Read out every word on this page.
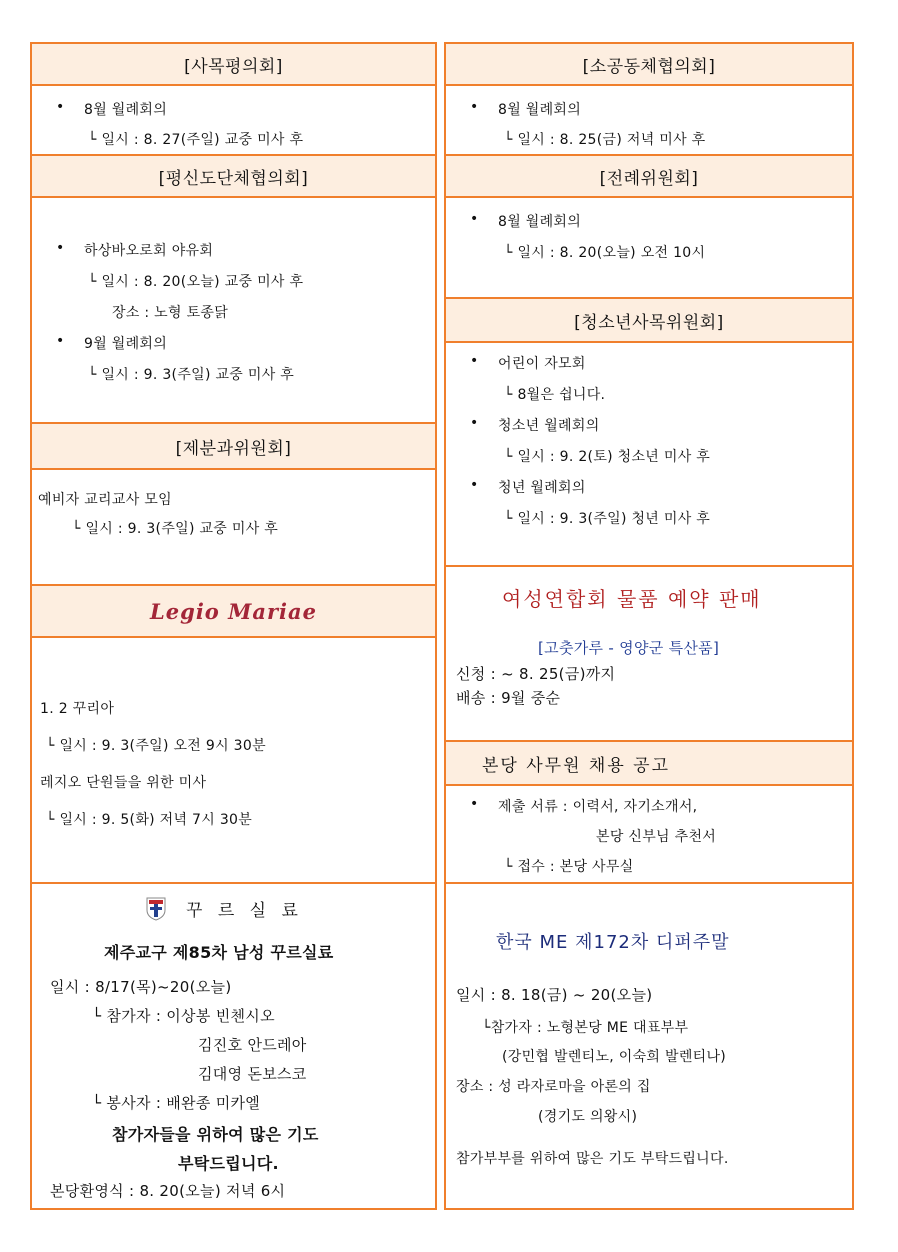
[사목평의회]
• 8월 월례회의
└ 일시 : 8. 27(주일) 교중 미사 후
[평신도단체협의회]
• 하상바오로회 야유회
└ 일시 : 8. 20(오늘) 교중 미사 후
장소 : 노형 토종닭
• 9월 월례회의
└ 일시 : 9. 3(주일) 교중 미사 후
[제분과위원회]
예비자 교리교사 모임
└ 일시 : 9. 3(주일) 교중 미사 후
Legio Mariae
1. 2 꾸리아
└ 일시 : 9. 3(주일) 오전 9시 30분
레지오 단원들을 위한 미사
└ 일시 : 9. 5(화) 저녁 7시 30분
꾸 르 실 료
제주교구 제85차 남성 꾸르실료
일시 : 8/17(목)~20(오늘)
└ 참가자 : 이상봉 빈첸시오
김진호 안드레아
김대영 돈보스코
└ 봉사자 : 배완종 미카엘
참가자들을 위하여 많은 기도
부탁드립니다.
본당환영식 : 8. 20(오늘) 저녁 6시
[소공동체협의회]
• 8월 월례회의
└ 일시 : 8. 25(금) 저녁 미사 후
[전례위원회]
• 8월 월례회의
└ 일시 : 8. 20(오늘) 오전 10시
[청소년사목위원회]
• 어린이 자모회
└ 8월은 쉽니다.
• 청소년 월례회의
└ 일시 : 9. 2(토) 청소년 미사 후
• 청년 월례회의
└ 일시 : 9. 3(주일) 청년 미사 후
여성연합회 물품 예약 판매
[고춧가루 - 영양군 특산품]
신청 : ~ 8. 25(금)까지
배송 : 9월 중순
본당 사무원 채용 공고
• 제출 서류 : 이력서, 자기소개서,
본당 신부님 추천서
└ 접수 : 본당 사무실
한국 ME 제172차 디퍼주말
일시 : 8. 18(금) ~ 20(오늘)
└참가자 : 노형본당 ME 대표부부
(강민협 발렌티노, 이숙희 발렌티나)
장소 : 성 라자로마을 아론의 집
(경기도 의왕시)
참가부부를 위하여 많은 기도 부탁드립니다.
